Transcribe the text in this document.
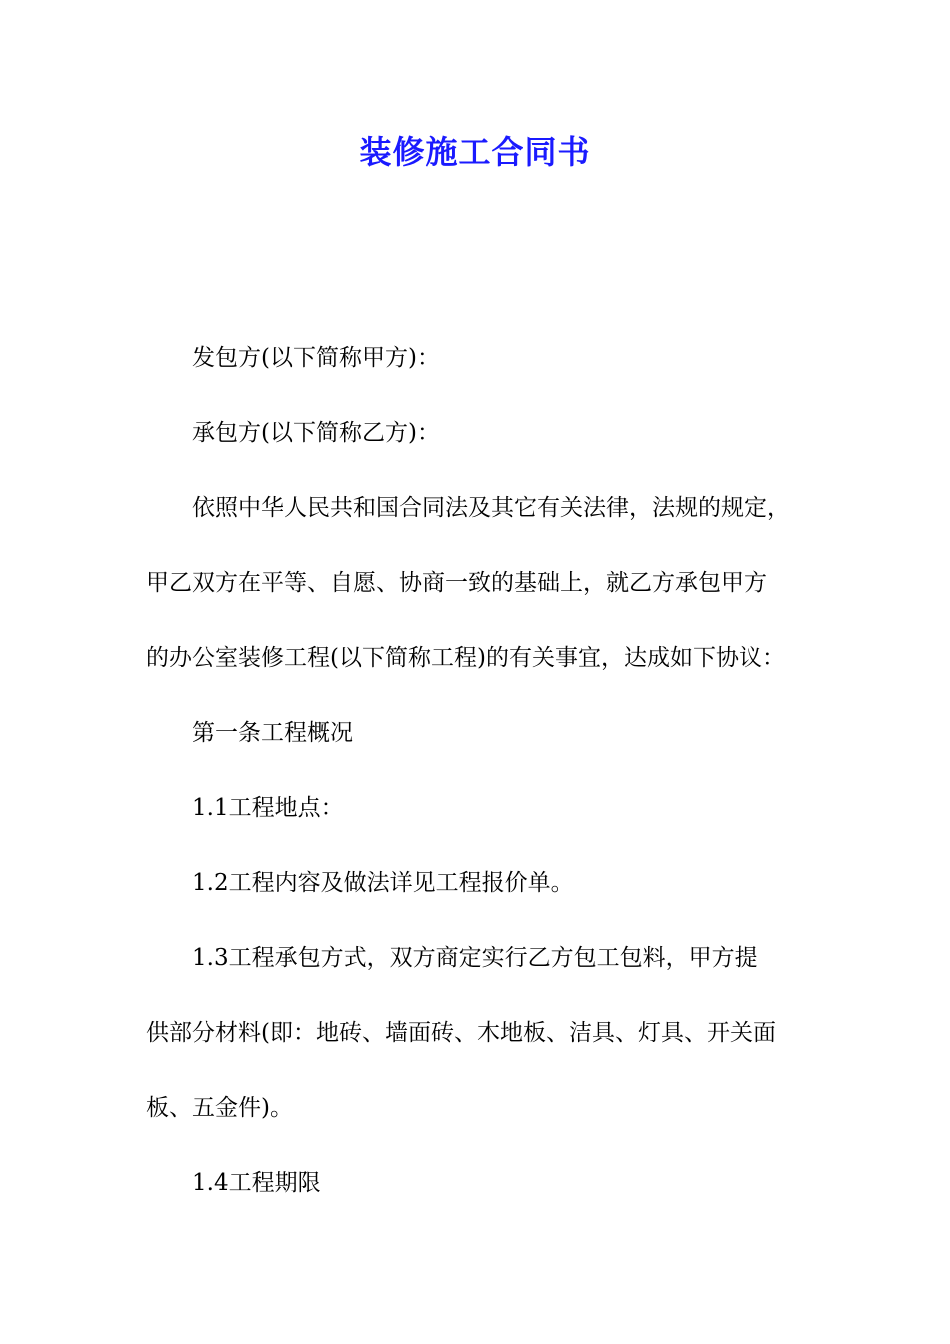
装修施工合同书
发包方(以下简称甲方)：
承包方(以下简称乙方)：
依照中华人民共和国合同法及其它有关法律，法规的规定，
甲乙双方在平等、自愿、协商一致的基础上，就乙方承包甲方
的办公室装修工程(以下简称工程)的有关事宜，达成如下协议：
第一条工程概况
1.1工程地点：
1.2工程内容及做法详见工程报价单。
1.3工程承包方式，双方商定实行乙方包工包料，甲方提
供部分材料(即：地砖、墙面砖、木地板、洁具、灯具、开关面
板、五金件)。
1.4工程期限
